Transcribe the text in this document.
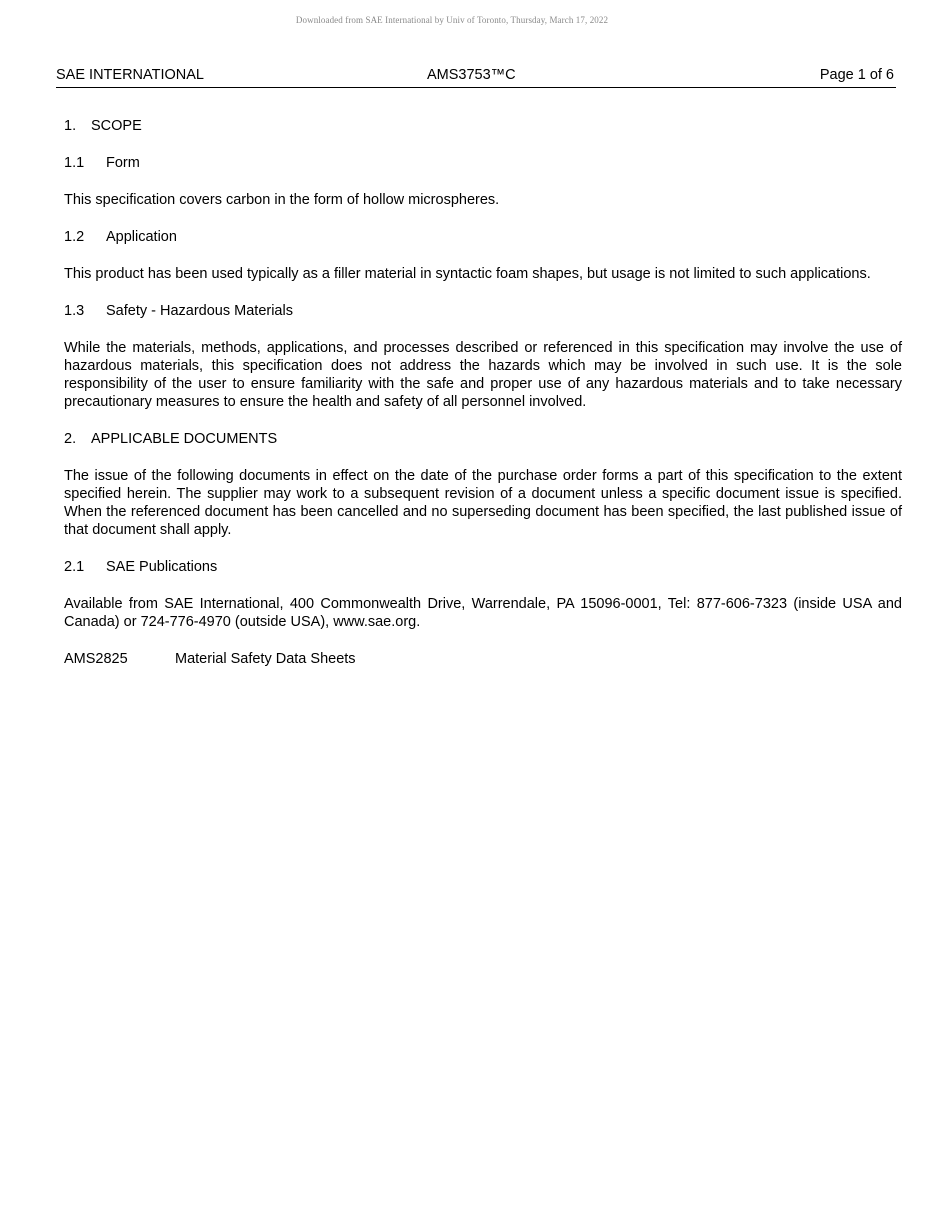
Downloaded from SAE International by Univ of Toronto, Thursday, March 17, 2022
SAE INTERNATIONAL	AMS3753™C	Page 1 of 6
1. SCOPE
1.1 Form

This specification covers carbon in the form of hollow microspheres.

1.2 Application

This product has been used typically as a filler material in syntactic foam shapes, but usage is not limited to such applications.

1.3 Safety - Hazardous Materials

While the materials, methods, applications, and processes described or referenced in this specification may involve the use of hazardous materials, this specification does not address the hazards which may be involved in such use. It is the sole responsibility of the user to ensure familiarity with the safe and proper use of any hazardous materials and to take necessary precautionary measures to ensure the health and safety of all personnel involved.

2. APPLICABLE DOCUMENTS

The issue of the following documents in effect on the date of the purchase order forms a part of this specification to the extent specified herein. The supplier may work to a subsequent revision of a document unless a specific document issue is specified. When the referenced document has been cancelled and no superseding document has been specified, the last published issue of that document shall apply.

2.1 SAE Publications

Available from SAE International, 400 Commonwealth Drive, Warrendale, PA 15096-0001, Tel: 877-606-7323 (inside USA and Canada) or 724-776-4970 (outside USA), www.sae.org.

AMS2825	Material Safety Data Sheets
